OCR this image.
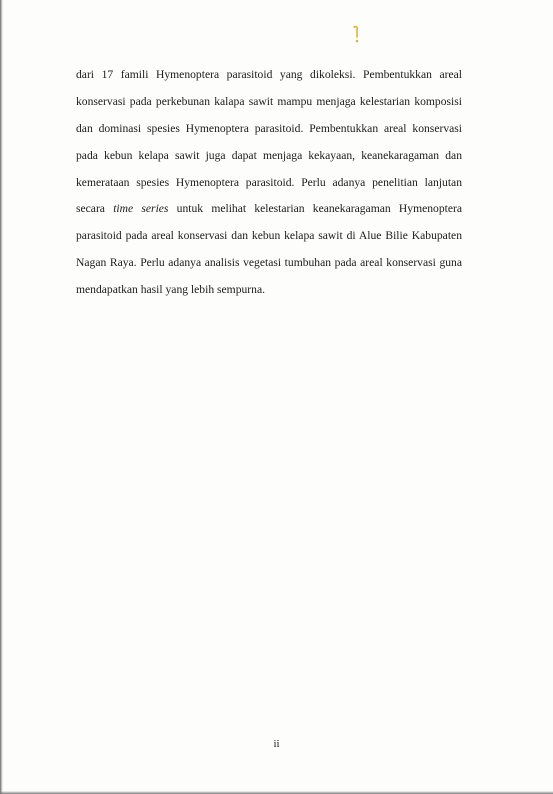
dari 17 famili Hymenoptera parasitoid yang dikoleksi. Pembentukkan areal
konservasi pada perkebunan kalapa sawit mampu menjaga kelestarian komposisi
dan dominasi spesies Hymenoptera parasitoid. Pembentukkan areal konservasi
pada kebun kelapa sawit juga dapat menjaga kekayaan, keanekaragaman dan
kemerataan spesies Hymenoptera parasitoid. Perlu adanya penelitian lanjutan
secara time series untuk melihat kelestarian keanekaragaman Hymenoptera
parasitoid pada areal konservasi dan kebun kelapa sawit di Alue Bilie Kabupaten
Nagan Raya. Perlu adanya analisis vegetasi tumbuhan pada areal konservasi guna
mendapatkan hasil yang lebih sempurna.
ii
